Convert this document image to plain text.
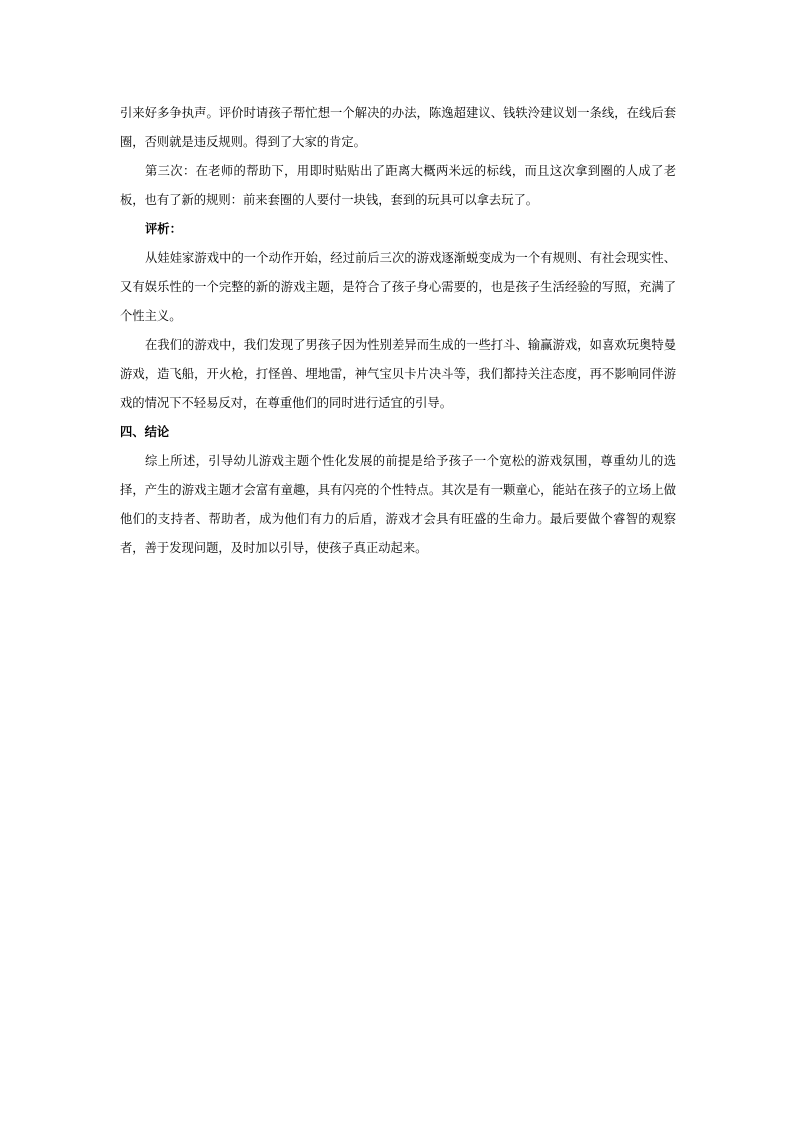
引来好多争执声。评价时请孩子帮忙想一个解决的办法，陈逸超建议、钱轶泠建议划一条线，在线后套圈，否则就是违反规则。得到了大家的肯定。

第三次：在老师的帮助下，用即时贴贴出了距离大概两米远的标线，而且这次拿到圈的人成了老板，也有了新的规则：前来套圈的人要付一块钱，套到的玩具可以拿去玩了。

评析：

从娃娃家游戏中的一个动作开始，经过前后三次的游戏逐渐蜕变成为一个有规则、有社会现实性、又有娱乐性的一个完整的新的游戏主题，是符合了孩子身心需要的，也是孩子生活经验的写照，充满了个性主义。

在我们的游戏中，我们发现了男孩子因为性别差异而生成的一些打斗、输赢游戏，如喜欢玩奥特曼游戏，造飞船，开火枪，打怪兽、埋地雷，神气宝贝卡片决斗等，我们都持关注态度，再不影响同伴游戏的情况下不轻易反对，在尊重他们的同时进行适宜的引导。

四、结论

综上所述，引导幼儿游戏主题个性化发展的前提是给予孩子一个宽松的游戏氛围，尊重幼儿的选择，产生的游戏主题才会富有童趣，具有闪亮的个性特点。其次是有一颗童心，能站在孩子的立场上做他们的支持者、帮助者，成为他们有力的后盾，游戏才会具有旺盛的生命力。最后要做个睿智的观察者，善于发现问题，及时加以引导，使孩子真正动起来。
